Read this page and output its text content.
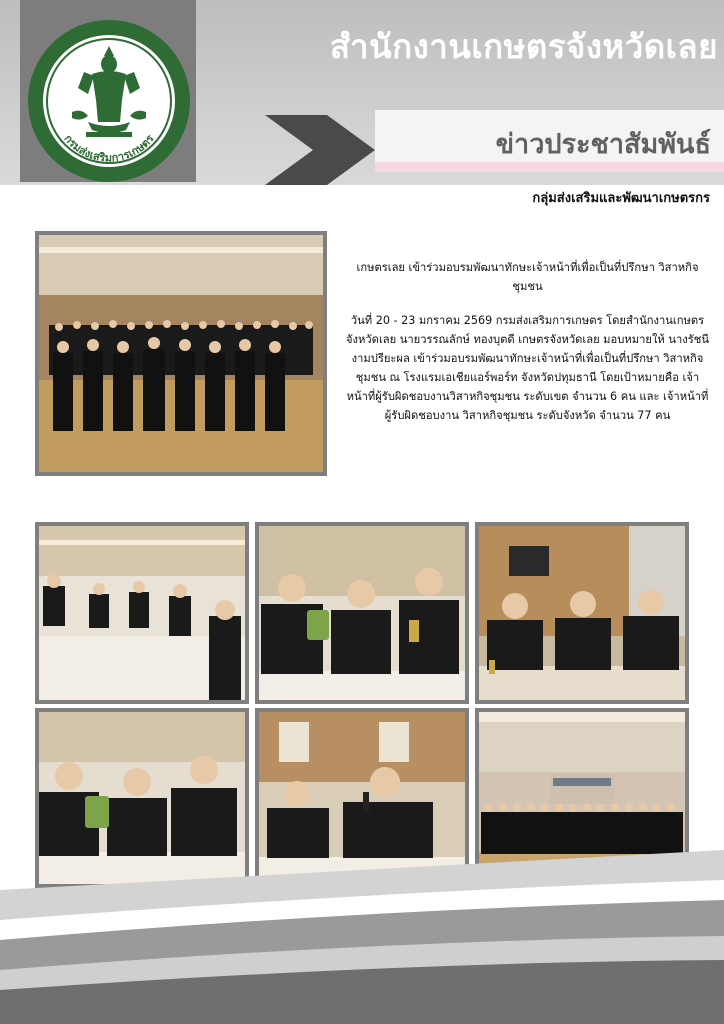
กรมส่งเสริมการเกษตร
สำนักงานเกษตรจังหวัดเลย
ข่าวประชาสัมพันธ์
กลุ่มส่งเสริมและพัฒนาเกษตรกร

เกษตรเลย เข้าร่วมอบรมพัฒนาทักษะเจ้าหน้าที่เพื่อเป็นที่ปรึกษา วิสาหกิจชุมชน

วันที่ 20 - 23 มกราคม 2569 กรมส่งเสริมการเกษตร โดยสำนักงานเกษตรจังหวัดเลย นายวรรณลักษ์ ทองบุตดี เกษตรจังหวัดเลย มอบหมายให้ นางรัชนี งามปรียะผล เข้าร่วมอบรมพัฒนาทักษะเจ้าหน้าที่เพื่อเป็นที่ปรึกษา วิสาหกิจชุมชน ณ โรงแรมเอเชียแอร์พอร์ท จังหวัดปทุมธานี โดยเป้าหมายคือ เจ้าหน้าที่ผู้รับผิดชอบงานวิสาหกิจชุมชน ระดับเขต จำนวน 6 คน และ เจ้าหน้าที่ผู้รับผิดชอบงาน วิสาหกิจชุมชน ระดับจังหวัด จำนวน 77 คน
